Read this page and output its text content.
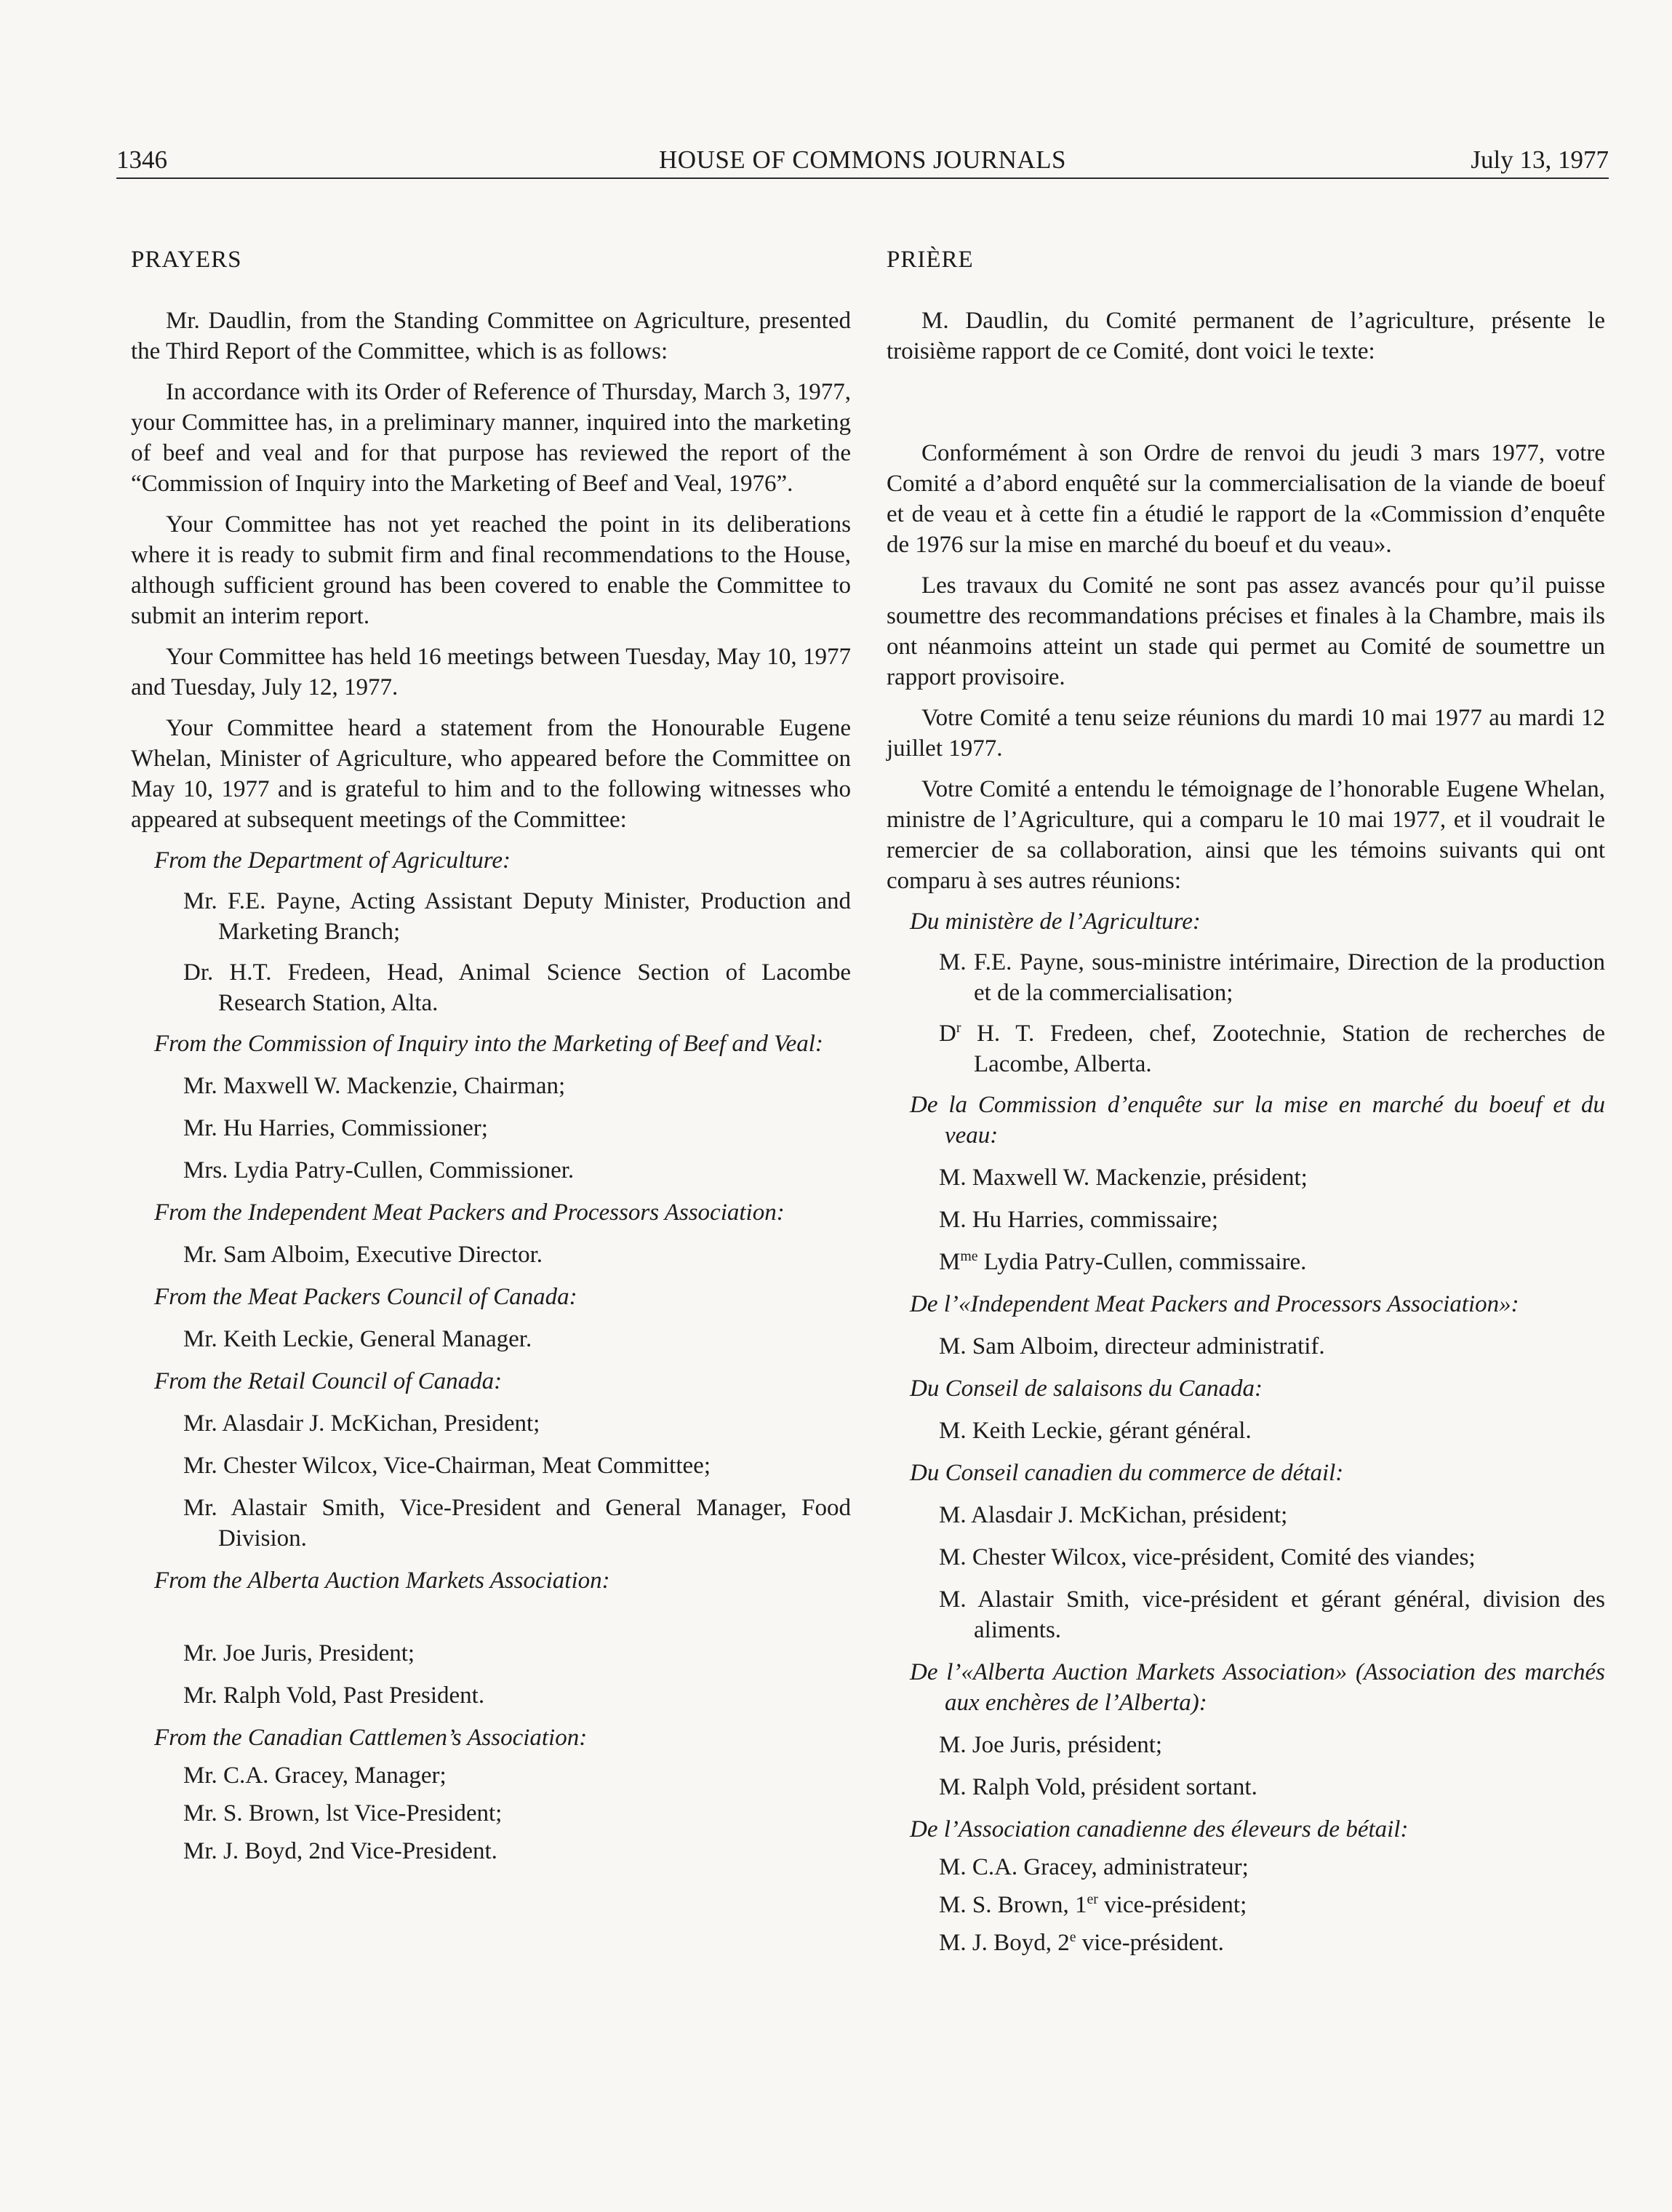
1346	HOUSE OF COMMONS JOURNALS	July 13, 1977

PRAYERS

Mr. Daudlin, from the Standing Committee on Agriculture, presented the Third Report of the Committee, which is as follows:

In accordance with its Order of Reference of Thursday, March 3, 1977, your Committee has, in a preliminary manner, inquired into the marketing of beef and veal and for that purpose has reviewed the report of the “Commission of Inquiry into the Marketing of Beef and Veal, 1976”.

Your Committee has not yet reached the point in its deliberations where it is ready to submit firm and final recommendations to the House, although sufficient ground has been covered to enable the Committee to submit an interim report.

Your Committee has held 16 meetings between Tuesday, May 10, 1977 and Tuesday, July 12, 1977.

Your Committee heard a statement from the Honourable Eugene Whelan, Minister of Agriculture, who appeared before the Committee on May 10, 1977 and is grateful to him and to the following witnesses who appeared at subsequent meetings of the Committee:

From the Department of Agriculture:

Mr. F.E. Payne, Acting Assistant Deputy Minister, Production and Marketing Branch;

Dr. H.T. Fredeen, Head, Animal Science Section of Lacombe Research Station, Alta.

From the Commission of Inquiry into the Marketing of Beef and Veal:

Mr. Maxwell W. Mackenzie, Chairman;

Mr. Hu Harries, Commissioner;

Mrs. Lydia Patry-Cullen, Commissioner.

From the Independent Meat Packers and Processors Association:

Mr. Sam Alboim, Executive Director.

From the Meat Packers Council of Canada:

Mr. Keith Leckie, General Manager.

From the Retail Council of Canada:

Mr. Alasdair J. McKichan, President;

Mr. Chester Wilcox, Vice-Chairman, Meat Committee;

Mr. Alastair Smith, Vice-President and General Manager, Food Division.

From the Alberta Auction Markets Association:

Mr. Joe Juris, President;

Mr. Ralph Vold, Past President.

From the Canadian Cattlemen’s Association:

Mr. C.A. Gracey, Manager;

Mr. S. Brown, lst Vice-President;

Mr. J. Boyd, 2nd Vice-President.

PRIÈRE

M. Daudlin, du Comité permanent de l’agriculture, présente le troisième rapport de ce Comité, dont voici le texte:

Conformément à son Ordre de renvoi du jeudi 3 mars 1977, votre Comité a d’abord enquêté sur la commercialisation de la viande de boeuf et de veau et à cette fin a étudié le rapport de la «Commission d’enquête de 1976 sur la mise en marché du boeuf et du veau».

Les travaux du Comité ne sont pas assez avancés pour qu’il puisse soumettre des recommandations précises et finales à la Chambre, mais ils ont néanmoins atteint un stade qui permet au Comité de soumettre un rapport provisoire.

Votre Comité a tenu seize réunions du mardi 10 mai 1977 au mardi 12 juillet 1977.

Votre Comité a entendu le témoignage de l’honorable Eugene Whelan, ministre de l’Agriculture, qui a comparu le 10 mai 1977, et il voudrait le remercier de sa collaboration, ainsi que les témoins suivants qui ont comparu à ses autres réunions:

Du ministère de l’Agriculture:

M. F.E. Payne, sous-ministre intérimaire, Direction de la production et de la commercialisation;

$D^r$ H. T. Fredeen, chef, Zootechnie, Station de recherches de Lacombe, Alberta.

De la Commission d’enquête sur la mise en marché du boeuf et du veau:

M. Maxwell W. Mackenzie, président;

M. Hu Harries, commissaire;

$M^{me}$ Lydia Patry-Cullen, commissaire.

De l’«Independent Meat Packers and Processors Association»:

M. Sam Alboim, directeur administratif.

Du Conseil de salaisons du Canada:

M. Keith Leckie, gérant général.

Du Conseil canadien du commerce de détail:

M. Alasdair J. McKichan, président;

M. Chester Wilcox, vice-président, Comité des viandes;

M. Alastair Smith, vice-président et gérant général, division des aliments.

De l’«Alberta Auction Markets Association» (Association des marchés aux enchères de l’Alberta):

M. Joe Juris, président;

M. Ralph Vold, président sortant.

De l’Association canadienne des éleveurs de bétail:

M. C.A. Gracey, administrateur;

M. S. Brown, 1er vice-président;

M. J. Boyd, 2e vice-président.
